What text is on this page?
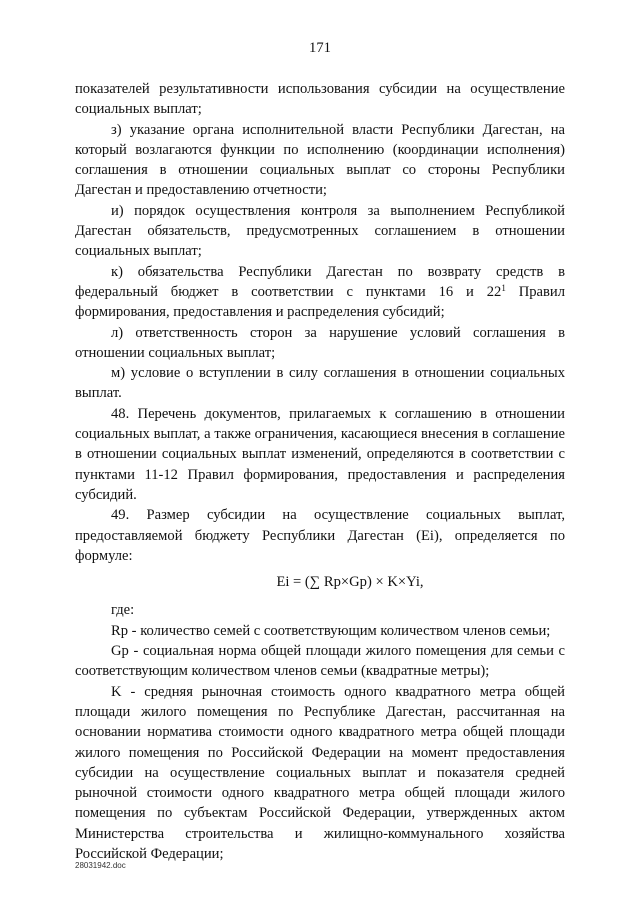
171

показателей результативности использования субсидии на осуществление социальных выплат;

з) указание органа исполнительной власти Республики Дагестан, на который возлагаются функции по исполнению (координации исполнения) соглашения в отношении социальных выплат со стороны Республики Дагестан и предоставлению отчетности;

и) порядок осуществления контроля за выполнением Республикой Дагестан обязательств, предусмотренных соглашением в отношении социальных выплат;

к) обязательства Республики Дагестан по возврату средств в федеральный бюджет в соответствии с пунктами 16 и $22^1$ Правил формирования, предоставления и распределения субсидий;

л) ответственность сторон за нарушение условий соглашения в отношении социальных выплат;

м) условие о вступлении в силу соглашения в отношении социальных выплат.

48. Перечень документов, прилагаемых к соглашению в отношении социальных выплат, а также ограничения, касающиеся внесения в соглашение в отношении социальных выплат изменений, определяются в соответствии с пунктами 11-12 Правил формирования, предоставления и распределения субсидий.

49. Размер субсидии на осуществление социальных выплат, предоставляемой бюджету Республики Дагестан (Ei), определяется по формуле:

Ei = (∑ Rp×Gp) × K×Yi,

где:

Rp - количество семей с соответствующим количеством членов семьи;

Gp - социальная норма общей площади жилого помещения для семьи с соответствующим количеством членов семьи (квадратные метры);

K - средняя рыночная стоимость одного квадратного метра общей площади жилого помещения по Республике Дагестан, рассчитанная на основании норматива стоимости одного квадратного метра общей площади жилого помещения по Российской Федерации на момент предоставления субсидии на осуществление социальных выплат и показателя средней рыночной стоимости одного квадратного метра общей площади жилого помещения по субъектам Российской Федерации, утвержденных актом Министерства строительства и жилищно-коммунального хозяйства Российской Федерации;

28031942.doc
